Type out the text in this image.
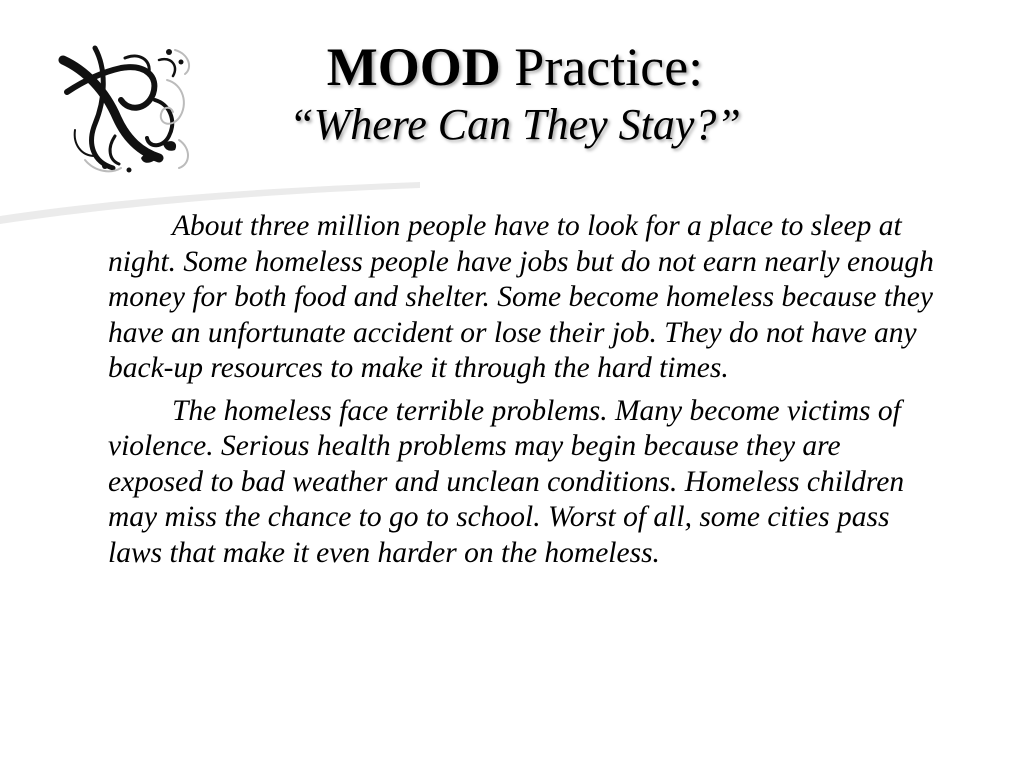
MOOD Practice:
“Where Can They Stay?”

About three million people have to look for a place to sleep at night. Some homeless people have jobs but do not earn nearly enough money for both food and shelter. Some become homeless because they have an unfortunate accident or lose their job. They do not have any back-up resources to make it through the hard times.

The homeless face terrible problems. Many become victims of violence. Serious health problems may begin because they are exposed to bad weather and unclean conditions. Homeless children may miss the chance to go to school. Worst of all, some cities pass laws that make it even harder on the homeless.
